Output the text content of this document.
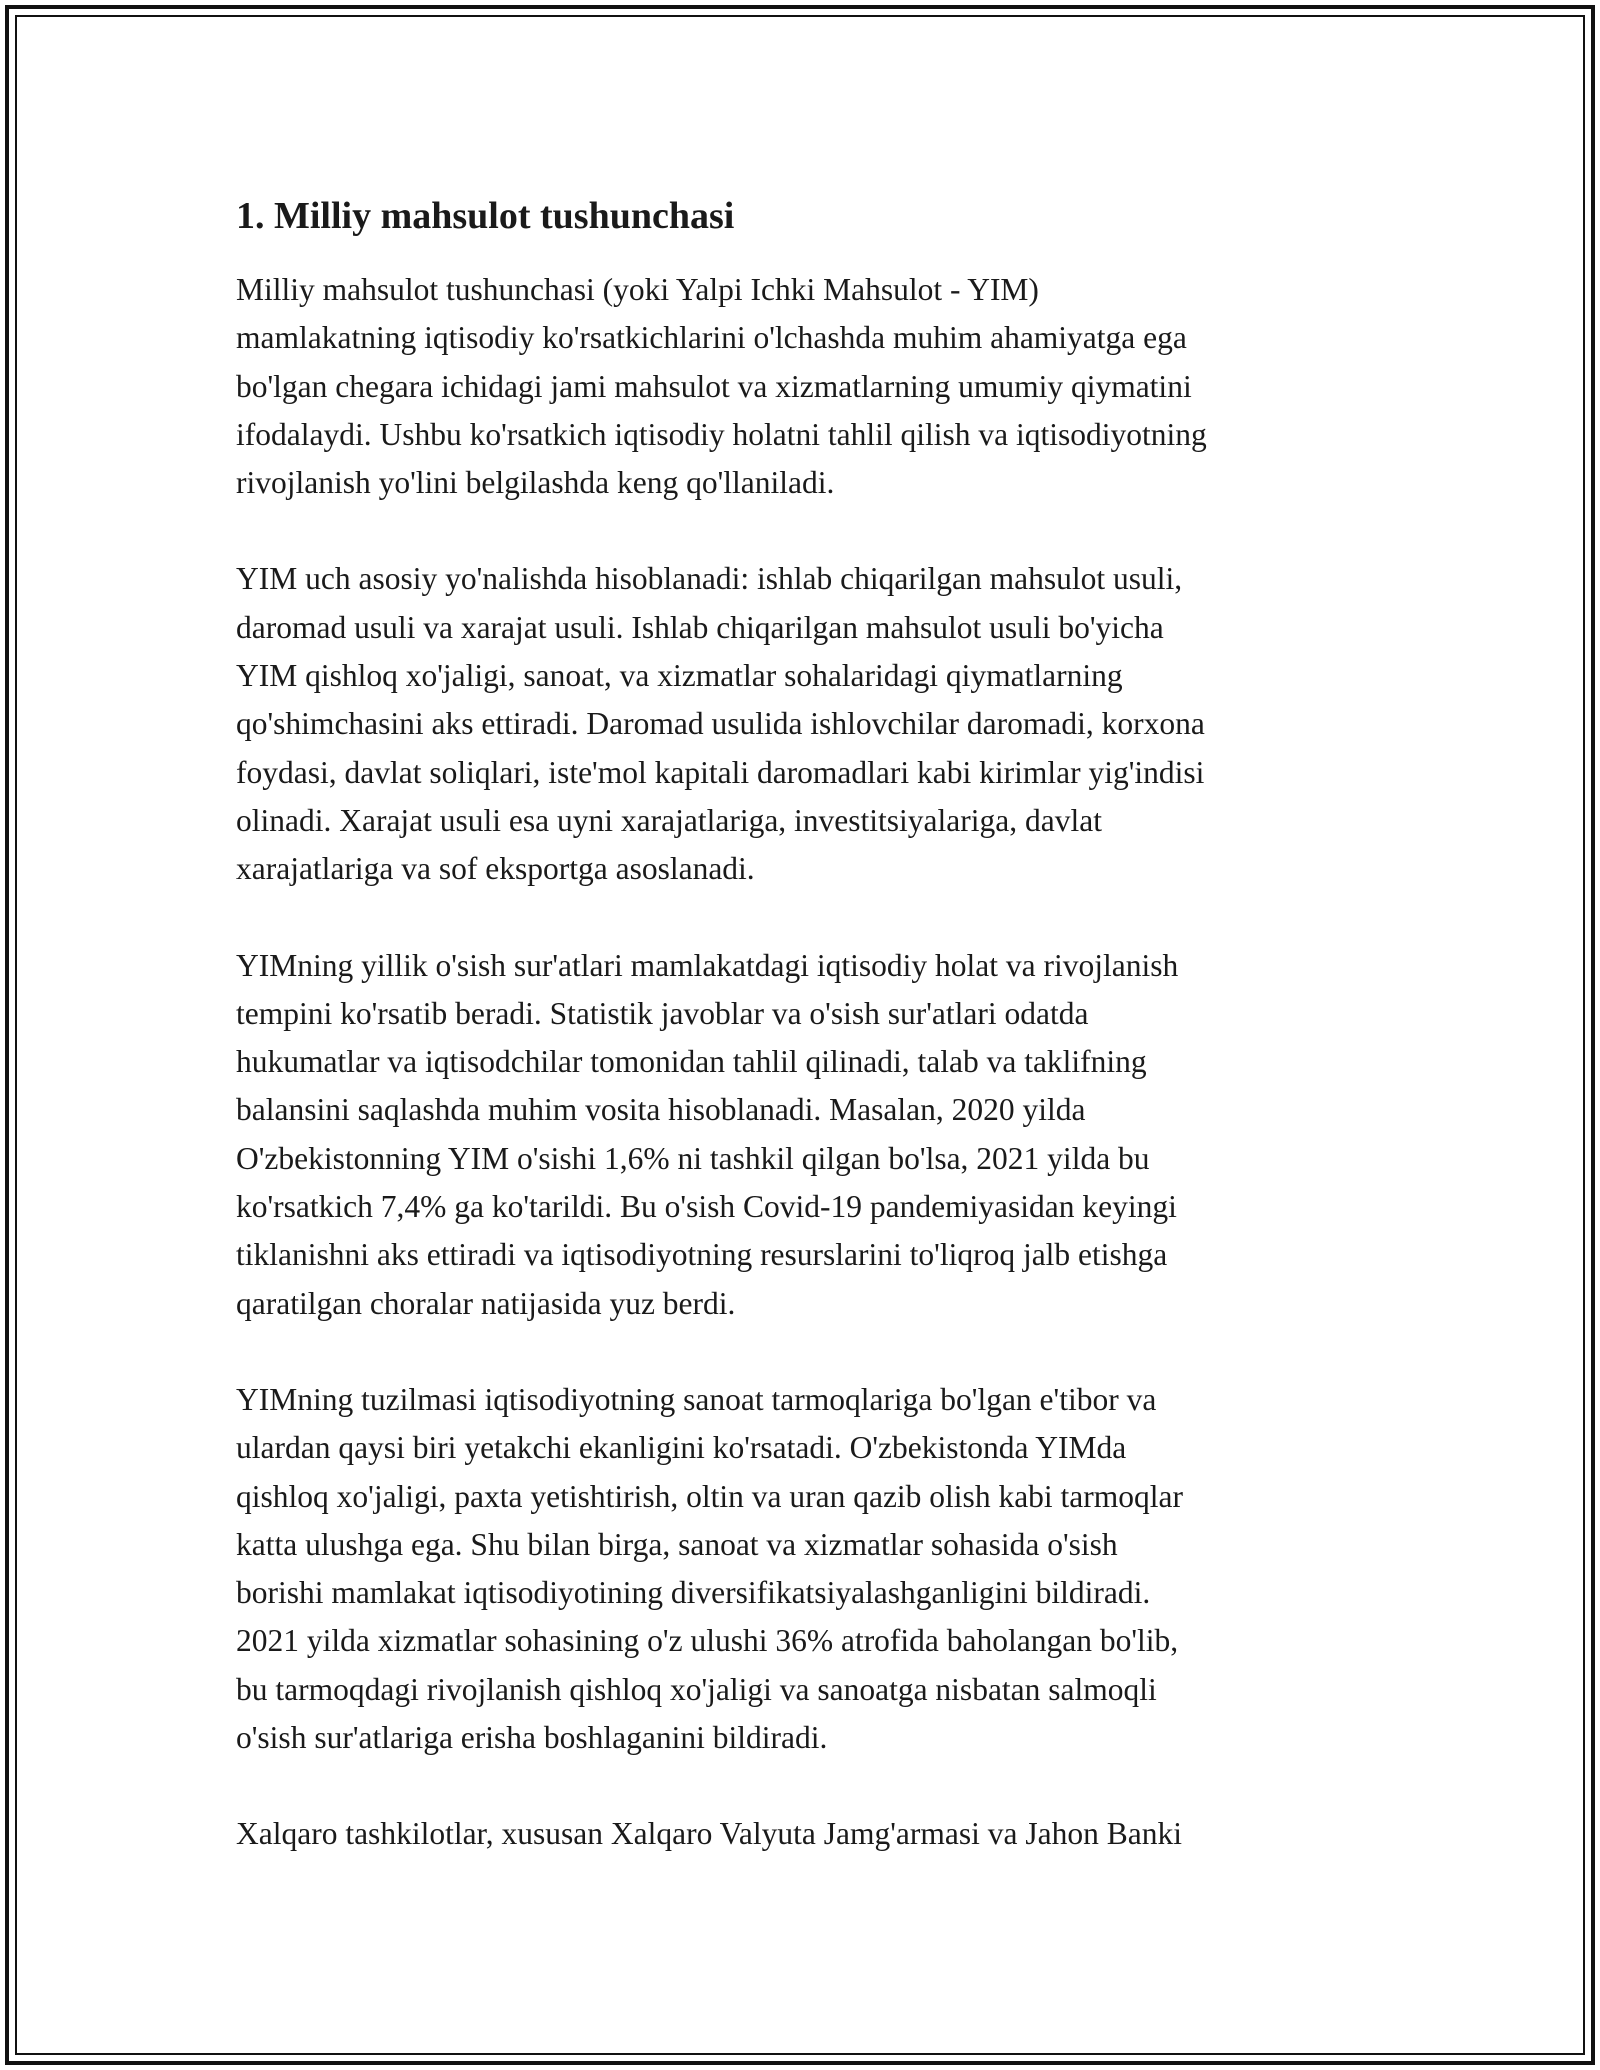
1. Milliy mahsulot tushunchasi

Milliy mahsulot tushunchasi (yoki Yalpi Ichki Mahsulot - YIM)
mamlakatning iqtisodiy ko'rsatkichlarini o'lchashda muhim ahamiyatga ega
bo'lgan chegara ichidagi jami mahsulot va xizmatlarning umumiy qiymatini
ifodalaydi. Ushbu ko'rsatkich iqtisodiy holatni tahlil qilish va iqtisodiyotning
rivojlanish yo'lini belgilashda keng qo'llaniladi.

YIM uch asosiy yo'nalishda hisoblanadi: ishlab chiqarilgan mahsulot usuli,
daromad usuli va xarajat usuli. Ishlab chiqarilgan mahsulot usuli bo'yicha
YIM qishloq xo'jaligi, sanoat, va xizmatlar sohalaridagi qiymatlarning
qo'shimchasini aks ettiradi. Daromad usulida ishlovchilar daromadi, korxona
foydasi, davlat soliqlari, iste'mol kapitali daromadlari kabi kirimlar yig'indisi
olinadi. Xarajat usuli esa uyni xarajatlariga, investitsiyalariga, davlat
xarajatlariga va sof eksportga asoslanadi.

YIMning yillik o'sish sur'atlari mamlakatdagi iqtisodiy holat va rivojlanish
tempini ko'rsatib beradi. Statistik javoblar va o'sish sur'atlari odatda
hukumatlar va iqtisodchilar tomonidan tahlil qilinadi, talab va taklifning
balansini saqlashda muhim vosita hisoblanadi. Masalan, 2020 yilda
O'zbekistonning YIM o'sishi 1,6% ni tashkil qilgan bo'lsa, 2021 yilda bu
ko'rsatkich 7,4% ga ko'tarildi. Bu o'sish Covid-19 pandemiyasidan keyingi
tiklanishni aks ettiradi va iqtisodiyotning resurslarini to'liqroq jalb etishga
qaratilgan choralar natijasida yuz berdi.

YIMning tuzilmasi iqtisodiyotning sanoat tarmoqlariga bo'lgan e'tibor va
ulardan qaysi biri yetakchi ekanligini ko'rsatadi. O'zbekistonda YIMda
qishloq xo'jaligi, paxta yetishtirish, oltin va uran qazib olish kabi tarmoqlar
katta ulushga ega. Shu bilan birga, sanoat va xizmatlar sohasida o'sish
borishi mamlakat iqtisodiyotining diversifikatsiyalashganligini bildiradi.
2021 yilda xizmatlar sohasining o'z ulushi 36% atrofida baholangan bo'lib,
bu tarmoqdagi rivojlanish qishloq xo'jaligi va sanoatga nisbatan salmoqli
o'sish sur'atlariga erisha boshlaganini bildiradi.

Xalqaro tashkilotlar, xususan Xalqaro Valyuta Jamg'armasi va Jahon Banki
